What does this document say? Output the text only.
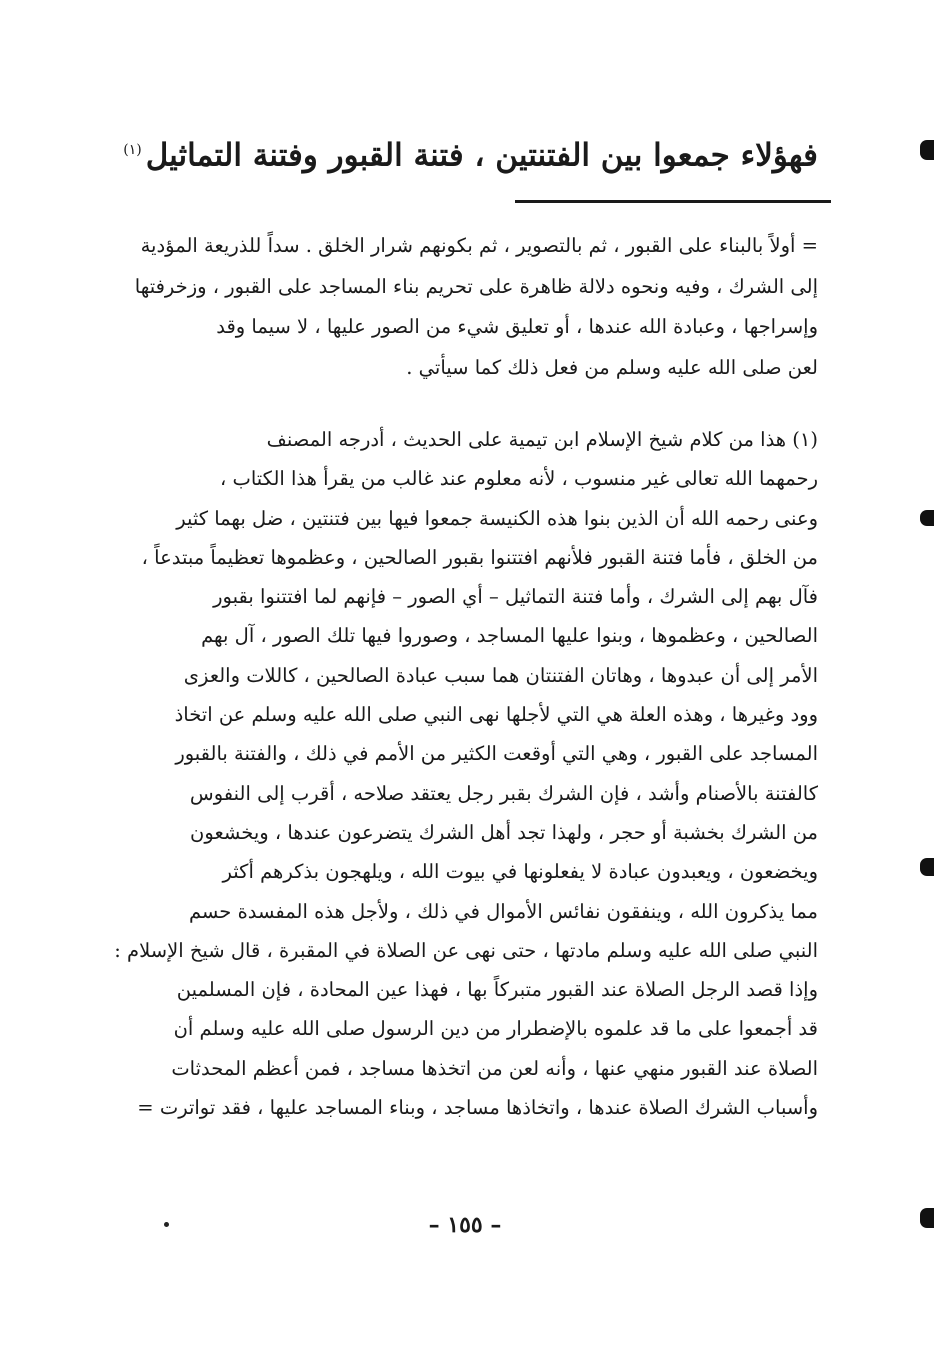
فهؤلاء جمعوا بين الفتنتين ، فتنة القبور وفتنة التماثيل$^{(١)}$
= أولاً بالبناء على القبور ، ثم بالتصوير ، ثم بكونهم شرار الخلق . سداً للذريعة المؤدية
إلى الشرك ، وفيه ونحوه دلالة ظاهرة على تحريم بناء المساجد على القبور ، وزخرفتها
وإسراجها ، وعبادة الله عندها ، أو تعليق شيء من الصور عليها ، لا سيما وقد
لعن صلى الله عليه وسلم من فعل ذلك كما سيأتي .
(١) هذا من كلام شيخ الإسلام ابن تيمية على الحديث ، أدرجه المصنف
رحمهما الله تعالى غير منسوب ، لأنه معلوم عند غالب من يقرأ هذا الكتاب ،
وعنى رحمه الله أن الذين بنوا هذه الكنيسة جمعوا فيها بين فتنتين ، ضل بهما كثير
من الخلق ، فأما فتنة القبور فلأنهم افتتنوا بقبور الصالحين ، وعظموها تعظيماً مبتدعاً ،
فآل بهم إلى الشرك ، وأما فتنة التماثيل – أي الصور – فإنهم لما افتتنوا بقبور
الصالحين ، وعظموها ، وبنوا عليها المساجد ، وصوروا فيها تلك الصور ، آل بهم
الأمر إلى أن عبدوها ، وهاتان الفتنتان هما سبب عبادة الصالحين ، كاللات والعزى
وود وغيرها ، وهذه العلة هي التي لأجلها نهى النبي صلى الله عليه وسلم عن اتخاذ
المساجد على القبور ، وهي التي أوقعت الكثير من الأمم في ذلك ، والفتنة بالقبور
كالفتنة بالأصنام وأشد ، فإن الشرك بقبر رجل يعتقد صلاحه ، أقرب إلى النفوس
من الشرك بخشبة أو حجر ، ولهذا تجد أهل الشرك يتضرعون عندها ، ويخشعون
ويخضعون ، ويعبدون عبادة لا يفعلونها في بيوت الله ، ويلهجون بذكرهم أكثر
مما يذكرون الله ، وينفقون نفائس الأموال في ذلك ، ولأجل هذه المفسدة حسم
النبي صلى الله عليه وسلم مادتها ، حتى نهى عن الصلاة في المقبرة ، قال شيخ الإسلام :
وإذا قصد الرجل الصلاة عند القبور متبركاً بها ، فهذا عين المحادة ، فإن المسلمين
قد أجمعوا على ما قد علموه بالإضطرار من دين الرسول صلى الله عليه وسلم أن
الصلاة عند القبور منهي عنها ، وأنه لعن من اتخذها مساجد ، فمن أعظم المحدثات
وأسباب الشرك الصلاة عندها ، واتخاذها مساجد ، وبناء المساجد عليها ، فقد تواترت =
– ١٥٥ –
